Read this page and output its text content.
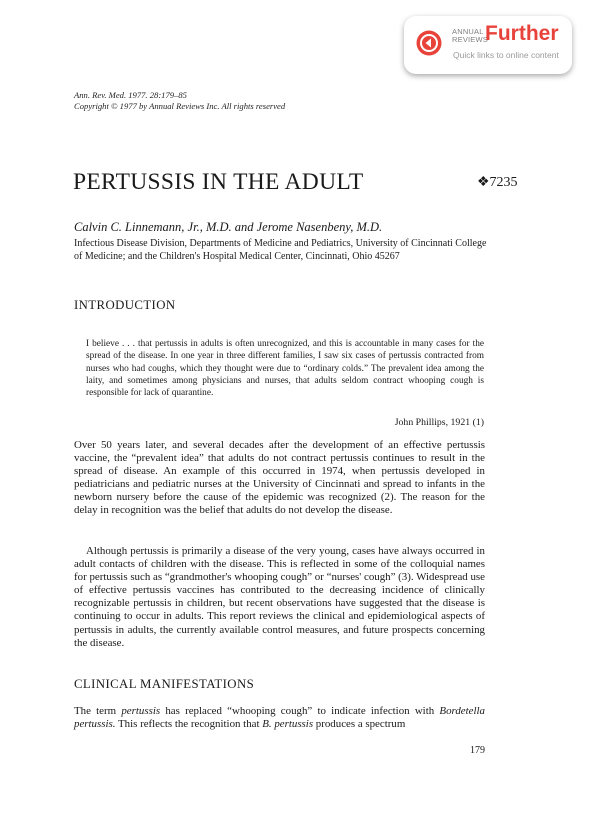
ANNUAL
REVIEWS
Further
Quick links to online content
Ann. Rev. Med. 1977. 28:179–85
Copyright © 1977 by Annual Reviews Inc. All rights reserved
PERTUSSIS IN THE ADULT	❖7235
Calvin C. Linnemann, Jr., M.D. and Jerome Nasenbeny, M.D.
Infectious Disease Division, Departments of Medicine and Pediatrics, University of Cincinnati College of Medicine; and the Children's Hospital Medical Center, Cincinnati, Ohio 45267
INTRODUCTION
I believe . . . that pertussis in adults is often unrecognized, and this is accountable in many cases for the spread of the disease. In one year in three different families, I saw six cases of pertussis contracted from nurses who had coughs, which they thought were due to “ordinary colds.” The prevalent idea among the laity, and sometimes among physicians and nurses, that adults seldom contract whooping cough is responsible for lack of quarantine.
John Phillips, 1921 (1)

Over 50 years later, and several decades after the development of an effective pertussis vaccine, the “prevalent idea” that adults do not contract pertussis continues to result in the spread of disease. An example of this occurred in 1974, when pertussis developed in pediatricians and pediatric nurses at the University of Cincinnati and spread to infants in the newborn nursery before the cause of the epidemic was recognized (2). The reason for the delay in recognition was the belief that adults do not develop the disease.

Although pertussis is primarily a disease of the very young, cases have always occurred in adult contacts of children with the disease. This is reflected in some of the colloquial names for pertussis such as “grandmother's whooping cough” or “nurses' cough” (3). Widespread use of effective pertussis vaccines has contributed to the decreasing incidence of clinically recognizable pertussis in children, but recent observations have suggested that the disease is continuing to occur in adults. This report reviews the clinical and epidemiological aspects of pertussis in adults, the currently available control measures, and future prospects concerning the disease.

CLINICAL MANIFESTATIONS

The term pertussis has replaced “whooping cough” to indicate infection with Bordetella pertussis. This reflects the recognition that B. pertussis produces a spectrum

179
